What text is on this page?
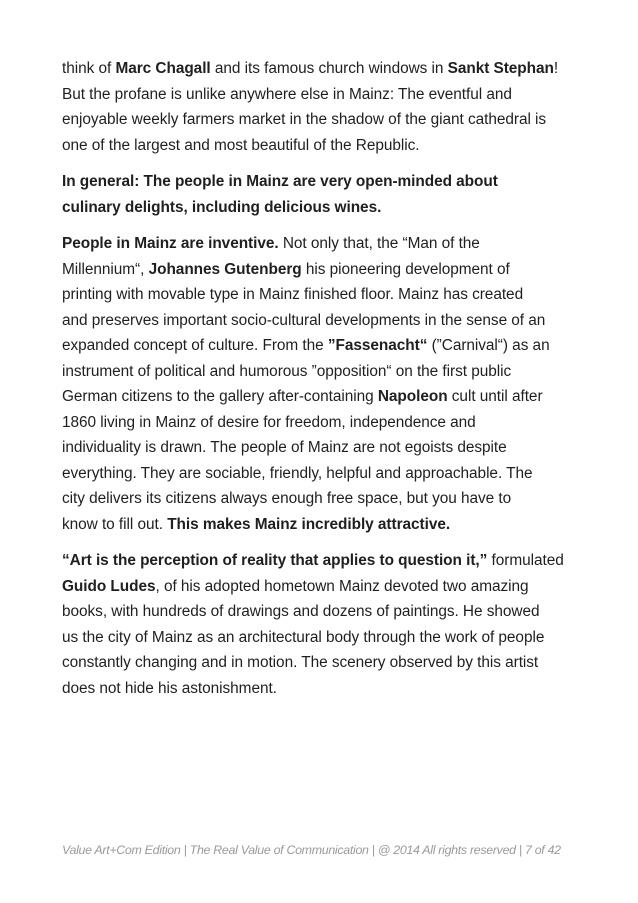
think of Marc Chagall and its famous church windows in Sankt Stephan!
But the profane is unlike anywhere else in Mainz: The eventful and
enjoyable weekly farmers market in the shadow of the giant cathedral is
one of the largest and most beautiful of the Republic.
In general: The people in Mainz are very open-minded about
culinary delights, including delicious wines.
People in Mainz are inventive. Not only that, the “Man of the
Millennium“, Johannes Gutenberg his pioneering development of
printing with movable type in Mainz finished floor. Mainz has created
and preserves important socio-cultural developments in the sense of an
expanded concept of culture. From the ”Fassenacht“ (”Carnival“) as an
instrument of political and humorous ”opposition“ on the first public
German citizens to the gallery after-containing Napoleon cult until after
1860 living in Mainz of desire for freedom, independence and
individuality is drawn. The people of Mainz are not egoists despite
everything. They are sociable, friendly, helpful and approachable. The
city delivers its citizens always enough free space, but you have to
know to fill out. This makes Mainz incredibly attractive.
“Art is the perception of reality that applies to question it,” formulated
Guido Ludes, of his adopted hometown Mainz devoted two amazing
books, with hundreds of drawings and dozens of paintings. He showed
us the city of Mainz as an architectural body through the work of people
constantly changing and in motion. The scenery observed by this artist
does not hide his astonishment.
Value Art+Com Edition | The Real Value of Communication | @ 2014 All rights reserved | 7 of 42
